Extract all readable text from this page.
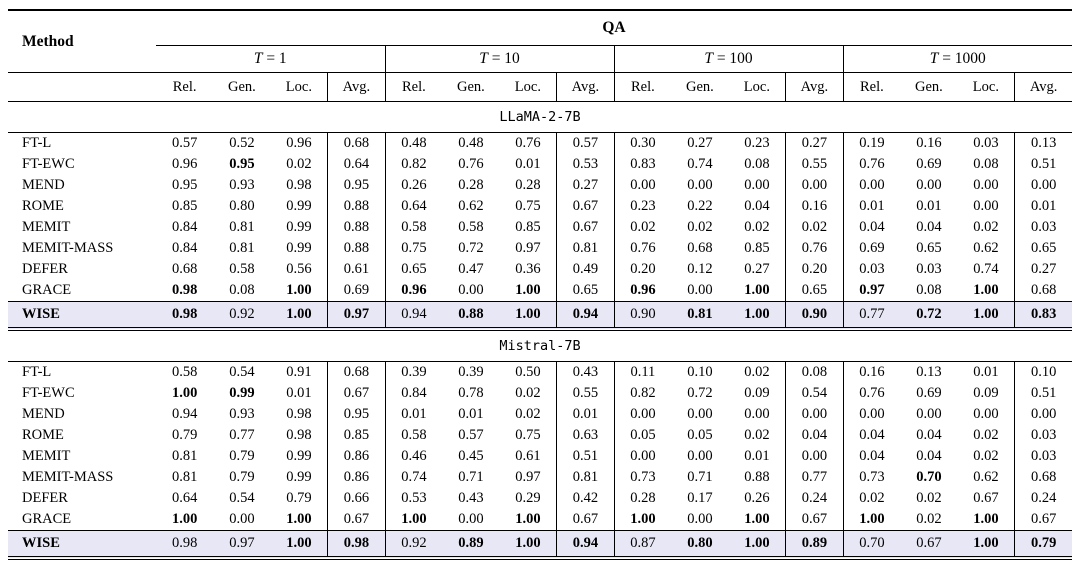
Method	QA															
	T = 1				T = 10				T = 100				T = 1000			
	Rel.	Gen.	Loc.	Avg.	Rel.	Gen.	Loc.	Avg.	Rel.	Gen.	Loc.	Avg.	Rel.	Gen.	Loc.	Avg.
LLaMA-2-7B																
FT-L	0.57	0.52	0.96	0.68	0.48	0.48	0.76	0.57	0.30	0.27	0.23	0.27	0.19	0.16	0.03	0.13
FT-EWC	0.96	0.95	0.02	0.64	0.82	0.76	0.01	0.53	0.83	0.74	0.08	0.55	0.76	0.69	0.08	0.51
MEND	0.95	0.93	0.98	0.95	0.26	0.28	0.28	0.27	0.00	0.00	0.00	0.00	0.00	0.00	0.00	0.00
ROME	0.85	0.80	0.99	0.88	0.64	0.62	0.75	0.67	0.23	0.22	0.04	0.16	0.01	0.01	0.00	0.01
MEMIT	0.84	0.81	0.99	0.88	0.58	0.58	0.85	0.67	0.02	0.02	0.02	0.02	0.04	0.04	0.02	0.03
MEMIT-MASS	0.84	0.81	0.99	0.88	0.75	0.72	0.97	0.81	0.76	0.68	0.85	0.76	0.69	0.65	0.62	0.65
DEFER	0.68	0.58	0.56	0.61	0.65	0.47	0.36	0.49	0.20	0.12	0.27	0.20	0.03	0.03	0.74	0.27
GRACE	0.98	0.08	1.00	0.69	0.96	0.00	1.00	0.65	0.96	0.00	1.00	0.65	0.97	0.08	1.00	0.68
WISE	0.98	0.92	1.00	0.97	0.94	0.88	1.00	0.94	0.90	0.81	1.00	0.90	0.77	0.72	1.00	0.83
Mistral-7B																
FT-L	0.58	0.54	0.91	0.68	0.39	0.39	0.50	0.43	0.11	0.10	0.02	0.08	0.16	0.13	0.01	0.10
FT-EWC	1.00	0.99	0.01	0.67	0.84	0.78	0.02	0.55	0.82	0.72	0.09	0.54	0.76	0.69	0.09	0.51
MEND	0.94	0.93	0.98	0.95	0.01	0.01	0.02	0.01	0.00	0.00	0.00	0.00	0.00	0.00	0.00	0.00
ROME	0.79	0.77	0.98	0.85	0.58	0.57	0.75	0.63	0.05	0.05	0.02	0.04	0.04	0.04	0.02	0.03
MEMIT	0.81	0.79	0.99	0.86	0.46	0.45	0.61	0.51	0.00	0.00	0.01	0.00	0.04	0.04	0.02	0.03
MEMIT-MASS	0.81	0.79	0.99	0.86	0.74	0.71	0.97	0.81	0.73	0.71	0.88	0.77	0.73	0.70	0.62	0.68
DEFER	0.64	0.54	0.79	0.66	0.53	0.43	0.29	0.42	0.28	0.17	0.26	0.24	0.02	0.02	0.67	0.24
GRACE	1.00	0.00	1.00	0.67	1.00	0.00	1.00	0.67	1.00	0.00	1.00	0.67	1.00	0.02	1.00	0.67
WISE	0.98	0.97	1.00	0.98	0.92	0.89	1.00	0.94	0.87	0.80	1.00	0.89	0.70	0.67	1.00	0.79
